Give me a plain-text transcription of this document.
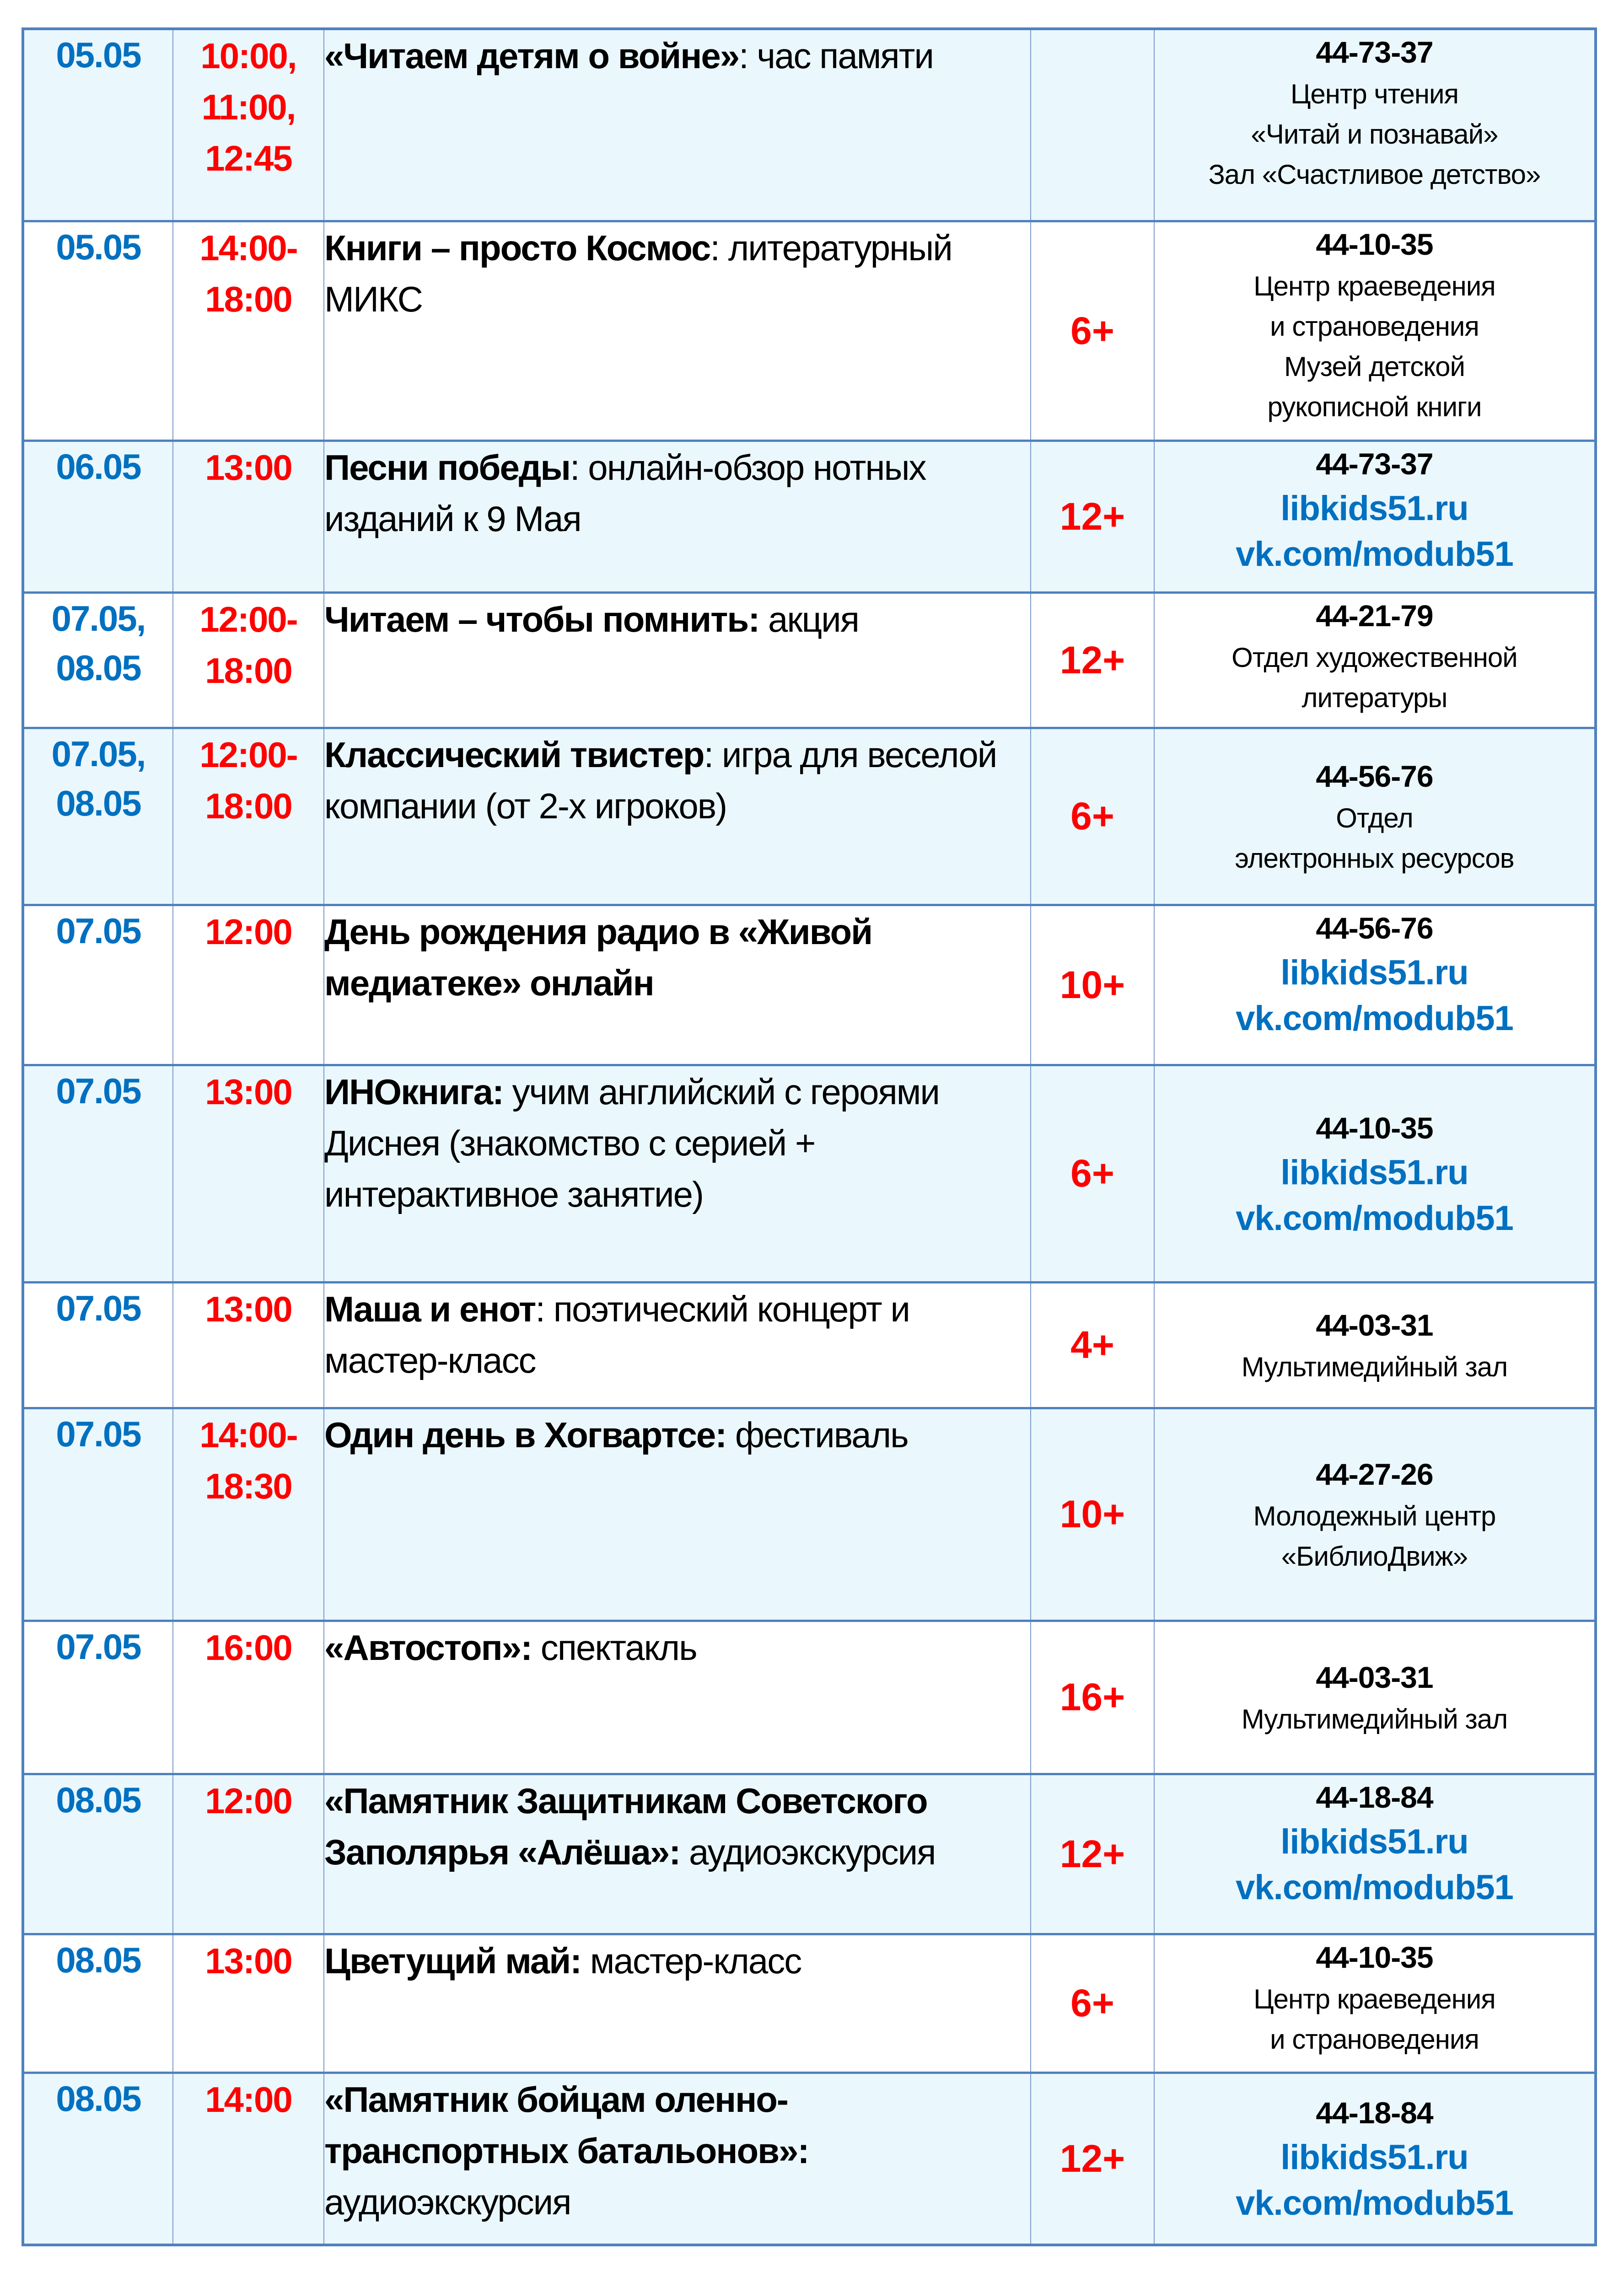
05.05	10:00,
11:00,
12:45	«Читаем детям о войне»: час памяти		44-73-37
Центр чтения
«Читай и познавай»
Зал «Счастливое детство»

05.05	14:00-
18:00	Книги – просто Космос: литературный МИКС	6+	44-10-35
Центр краеведения
и страноведения
Музей детской
рукописной книги

06.05	13:00	Песни победы: онлайн-обзор нотных изданий к 9 Мая	12+	44-73-37
libkids51.ru
vk.com/modub51

07.05,
08.05	12:00-
18:00	Читаем – чтобы помнить: акция	12+	44-21-79
Отдел художественной
литературы

07.05,
08.05	12:00-
18:00	Классический твистер: игра для веселой компании (от 2-х игроков)	6+	44-56-76
Отдел
электронных ресурсов

07.05	12:00	День рождения радио в «Живой медиатеке» онлайн	10+	44-56-76
libkids51.ru
vk.com/modub51

07.05	13:00	ИНОкнига: учим английский с героями Диснея (знакомство с серией + интерактивное занятие)	6+	44-10-35
libkids51.ru
vk.com/modub51

07.05	13:00	Маша и енот: поэтический концерт и мастер-класс	4+	44-03-31
Мультимедийный зал

07.05	14:00-
18:30	Один день в Хогвартсе: фестиваль	10+	44-27-26
Молодежный центр
«БиблиоДвиж»

07.05	16:00	«Автостоп»: спектакль	16+	44-03-31
Мультимедийный зал

08.05	12:00	«Памятник Защитникам Советского Заполярья «Алёша»: аудиоэкскурсия	12+	44-18-84
libkids51.ru
vk.com/modub51

08.05	13:00	Цветущий май: мастер-класс	6+	44-10-35
Центр краеведения
и страноведения

08.05	14:00	«Памятник бойцам оленно-транспортных батальонов»: аудиоэкскурсия	12+	44-18-84
libkids51.ru
vk.com/modub51
